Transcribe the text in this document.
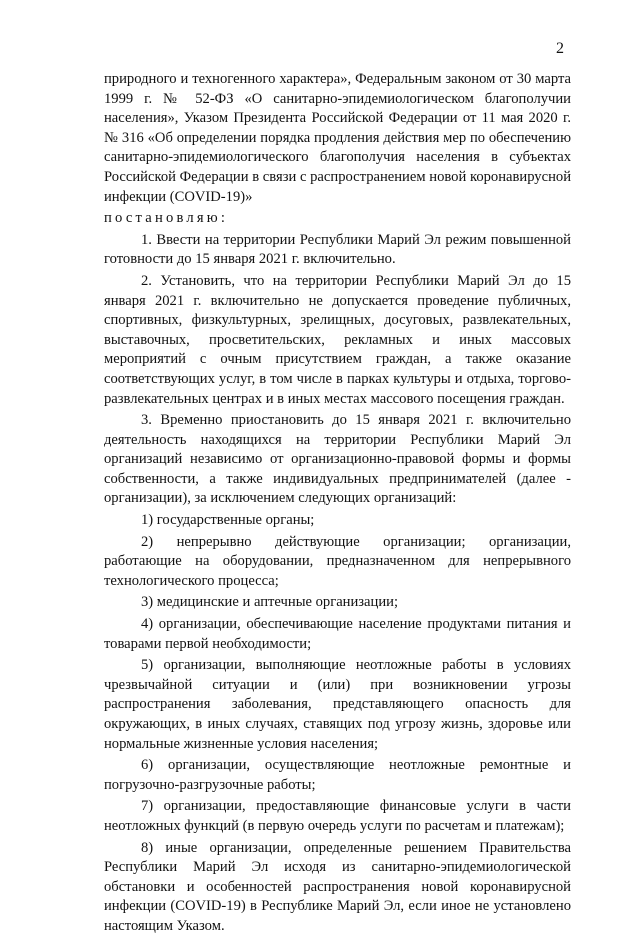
2

природного и техногенного характера», Федеральным законом от 30 марта 1999 г. № 52-ФЗ «О санитарно-эпидемиологическом благополучии населения», Указом Президента Российской Федерации от 11 мая 2020 г. № 316 «Об определении порядка продления действия мер по обеспечению санитарно-эпидемиологического благополучия населения в субъектах Российской Федерации в связи с распространением новой коронавирусной инфекции (COVID-19)»

постановляю:

1. Ввести на территории Республики Марий Эл режим повышенной готовности до 15 января 2021 г. включительно.

2. Установить, что на территории Республики Марий Эл до 15 января 2021 г. включительно не допускается проведение публичных, спортивных, физкультурных, зрелищных, досуговых, развлекательных, выставочных, просветительских, рекламных и иных массовых мероприятий с очным присутствием граждан, а также оказание соответствующих услуг, в том числе в парках культуры и отдыха, торгово-развлекательных центрах и в иных местах массового посещения граждан.

3. Временно приостановить до 15 января 2021 г. включительно деятельность находящихся на территории Республики Марий Эл организаций независимо от организационно-правовой формы и формы собственности, а также индивидуальных предпринимателей (далее - организации), за исключением следующих организаций:

1) государственные органы;

2) непрерывно действующие организации; организации, работающие на оборудовании, предназначенном для непрерывного технологического процесса;

3) медицинские и аптечные организации;

4) организации, обеспечивающие население продуктами питания и товарами первой необходимости;

5) организации, выполняющие неотложные работы в условиях чрезвычайной ситуации и (или) при возникновении угрозы распространения заболевания, представляющего опасность для окружающих, в иных случаях, ставящих под угрозу жизнь, здоровье или нормальные жизненные условия населения;

6) организации, осуществляющие неотложные ремонтные и погрузочно-разгрузочные работы;

7) организации, предоставляющие финансовые услуги в части неотложных функций (в первую очередь услуги по расчетам и платежам);

8) иные организации, определенные решением Правительства Республики Марий Эл исходя из санитарно-эпидемиологической обстановки и особенностей распространения новой коронавирусной инфекции (COVID-19) в Республике Марий Эл, если иное не установлено настоящим Указом.
